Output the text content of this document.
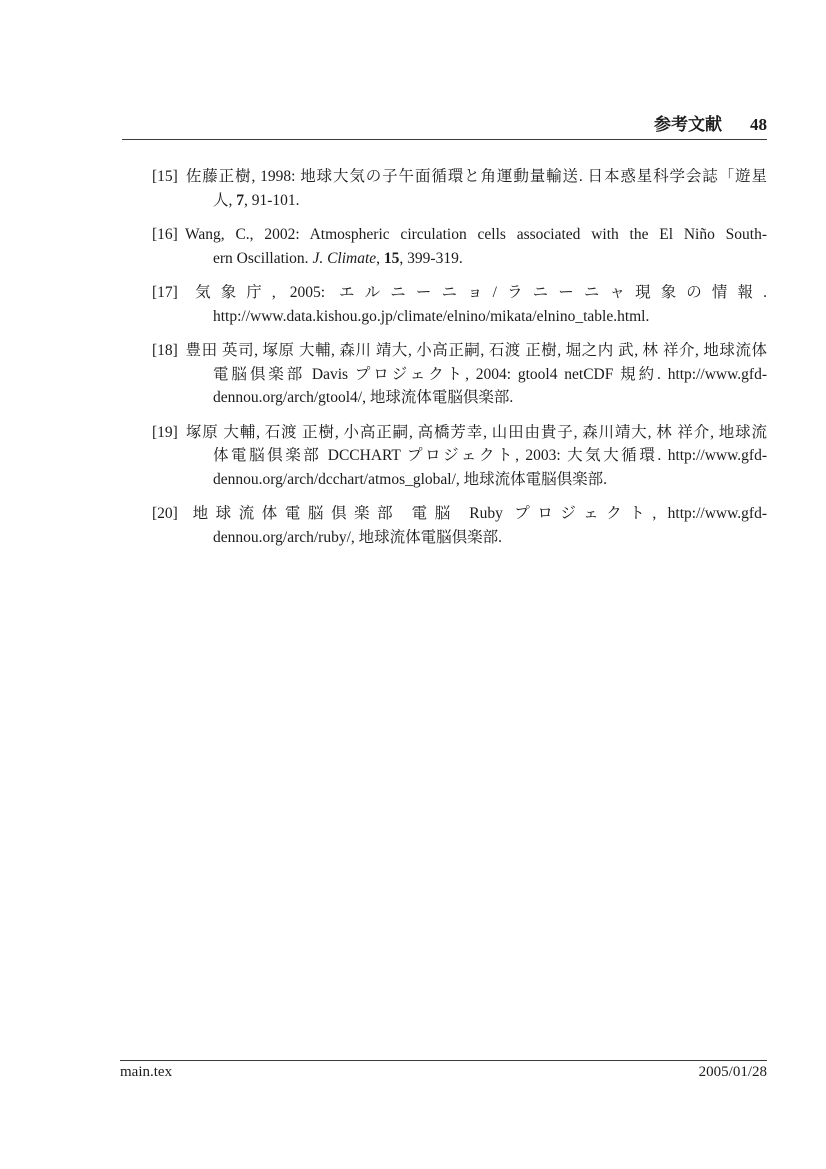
参考文献 48
[15] 佐藤正樹, 1998: 地球大気の子午面循環と角運動量輸送. 日本惑星科学会誌「遊星
人, 7, 91-101.
[16] Wang, C., 2002: Atmospheric circulation cells associated with the El Niño South-
ern Oscillation. J. Climate, 15, 399-319.
[17] 気象庁, 2005: エルニーニョ/ラニーニャ現象の情報.
http://www.data.kishou.go.jp/climate/elnino/mikata/elnino_table.html.
[18] 豊田 英司, 塚原 大輔, 森川 靖大, 小高正嗣, 石渡 正樹, 堀之内 武, 林 祥介, 地球流体
電脳倶楽部 Davis プロジェクト, 2004: gtool4 netCDF 規約. http://www.gfd-
dennou.org/arch/gtool4/, 地球流体電脳倶楽部.
[19] 塚原 大輔, 石渡 正樹, 小高正嗣, 高橋芳幸, 山田由貴子, 森川靖大, 林 祥介, 地球流
体電脳倶楽部 DCCHART プロジェクト, 2003: 大気大循環. http://www.gfd-
dennou.org/arch/dcchart/atmos_global/, 地球流体電脳倶楽部.
[20] 地球流体電脳倶楽部 電脳 Ruby プロジェクト, http://www.gfd-
dennou.org/arch/ruby/, 地球流体電脳倶楽部.
main.tex	2005/01/28
